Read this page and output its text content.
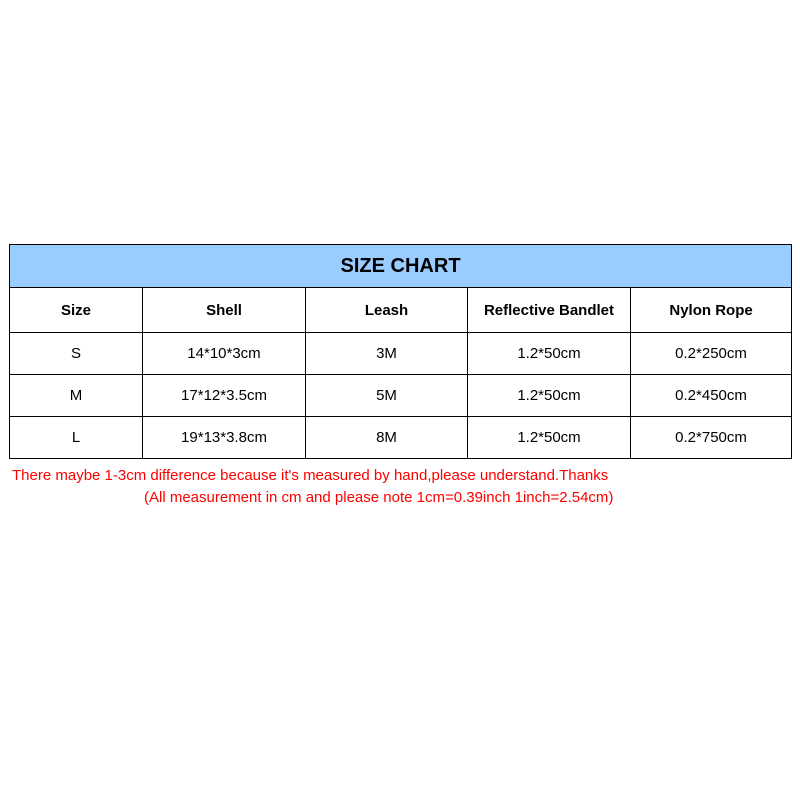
SIZE CHART				
Size	Shell	Leash	Reflective Bandlet	Nylon Rope
S	14*10*3cm	3M	1.2*50cm	0.2*250cm
M	17*12*3.5cm	5M	1.2*50cm	0.2*450cm
L	19*13*3.8cm	8M	1.2*50cm	0.2*750cm
There maybe 1-3cm difference because it's measured by hand,please understand.Thanks
(All measurement in cm and please note 1cm=0.39inch 1inch=2.54cm)
